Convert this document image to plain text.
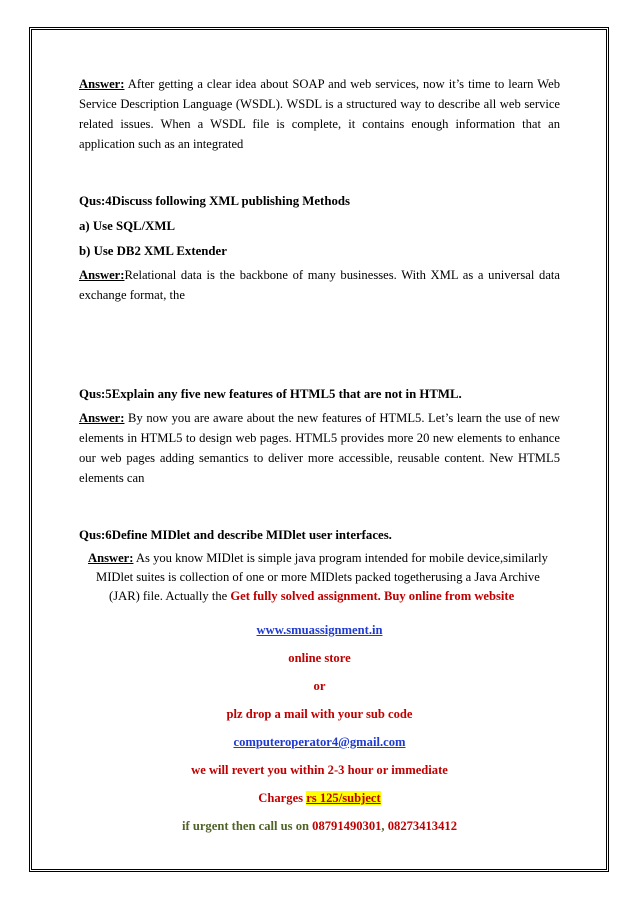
Answer: After getting a clear idea about SOAP and web services, now it’s time to learn Web Service Description Language (WSDL). WSDL is a structured way to describe all web service related issues. When a WSDL file is complete, it contains enough information that an application such as an integrated

Qus:4Discuss following XML publishing Methods

a) Use SQL/XML

b) Use DB2 XML Extender

Answer:Relational data is the backbone of many businesses. With XML as a universal data exchange format, the

Qus:5Explain any five new features of HTML5 that are not in HTML.

Answer: By now you are aware about the new features of HTML5. Let’s learn the use of new elements in HTML5 to design web pages. HTML5 provides more 20 new elements to enhance our web pages adding semantics to deliver more accessible, reusable content. New HTML5 elements can

Qus:6Define MIDlet and describe MIDlet user interfaces.

Answer: As you know MIDlet is simple java program intended for mobile device,similarly

MIDlet suites is collection of one or more MIDlets packed togetherusing a Java Archive

(JAR) file. Actually the Get fully solved assignment. Buy online from website

www.smuassignment.in

online store

or

plz drop a mail with your sub code

computeroperator4@gmail.com

we will revert you within 2-3 hour or immediate

Charges rs 125/subject

if urgent then call us on 08791490301, 08273413412
